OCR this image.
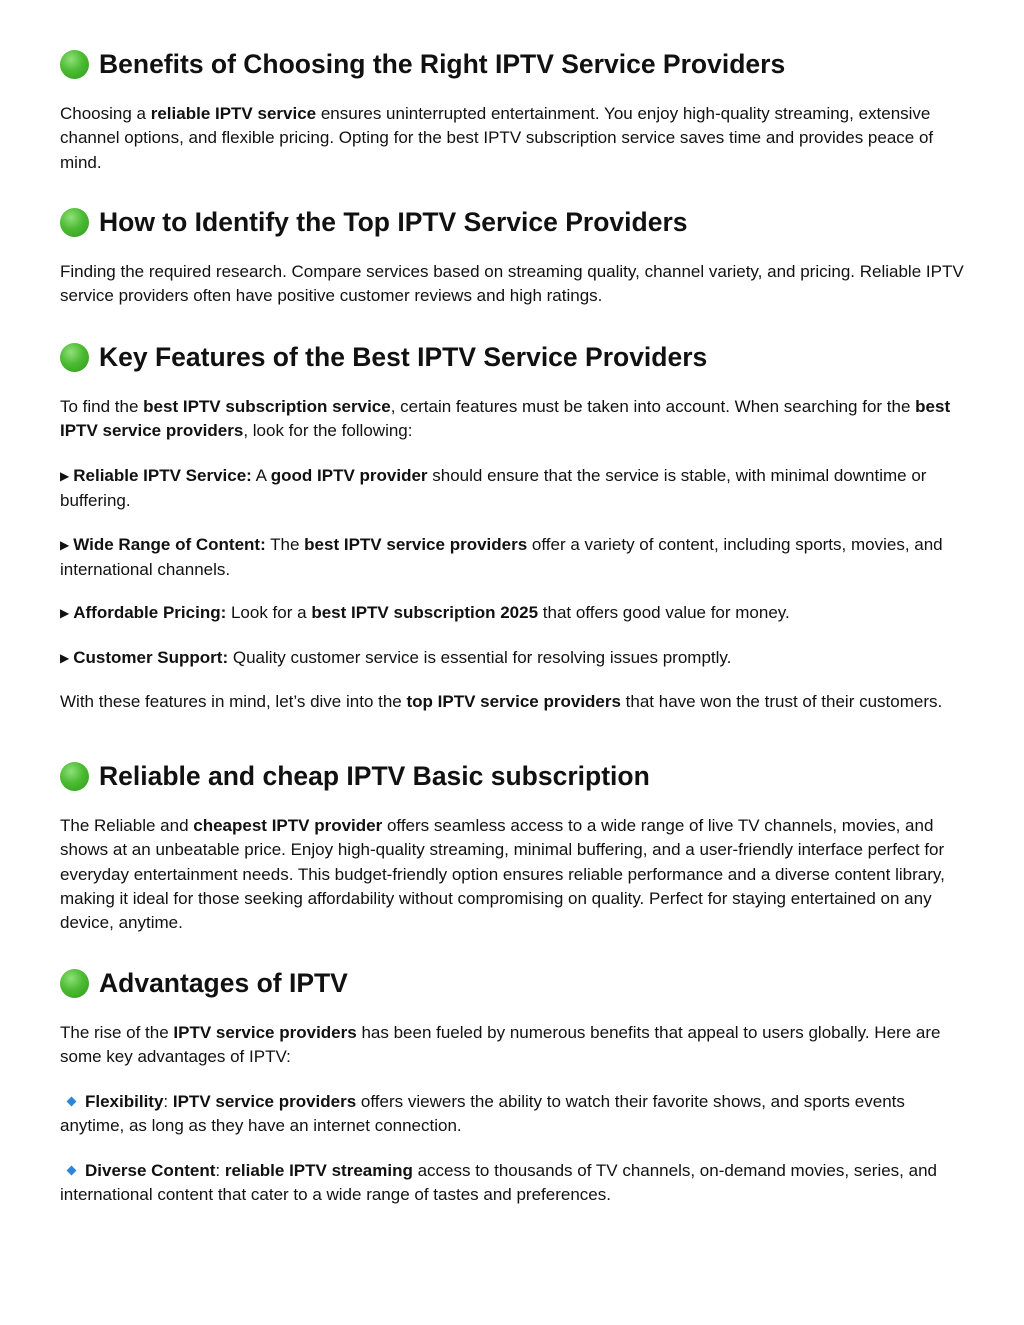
Benefits of Choosing the Right IPTV Service Providers

Choosing a reliable IPTV service ensures uninterrupted entertainment. You enjoy high-quality streaming, extensive channel options, and flexible pricing. Opting for the best IPTV subscription service saves time and provides peace of mind.

How to Identify the Top IPTV Service Providers

Finding the required research. Compare services based on streaming quality, channel variety, and pricing. Reliable IPTV service providers often have positive customer reviews and high ratings.

Key Features of the Best IPTV Service Providers

To find the best IPTV subscription service, certain features must be taken into account. When searching for the best IPTV service providers, look for the following:

▶ Reliable IPTV Service: A good IPTV provider should ensure that the service is stable, with minimal downtime or buffering.

▶ Wide Range of Content: The best IPTV service providers offer a variety of content, including sports, movies, and international channels.

▶ Affordable Pricing: Look for a best IPTV subscription 2025 that offers good value for money.

▶ Customer Support: Quality customer service is essential for resolving issues promptly.

With these features in mind, let’s dive into the top IPTV service providers that have won the trust of their customers.

Reliable and cheap IPTV Basic subscription

The Reliable and cheapest IPTV provider offers seamless access to a wide range of live TV channels, movies, and shows at an unbeatable price. Enjoy high-quality streaming, minimal buffering, and a user-friendly interface perfect for everyday entertainment needs. This budget-friendly option ensures reliable performance and a diverse content library, making it ideal for those seeking affordability without compromising on quality. Perfect for staying entertained on any device, anytime.

Advantages of IPTV

The rise of the IPTV service providers has been fueled by numerous benefits that appeal to users globally. Here are some key advantages of IPTV:

Flexibility: IPTV service providers offers viewers the ability to watch their favorite shows, and sports events anytime, as long as they have an internet connection.

Diverse Content: reliable IPTV streaming access to thousands of TV channels, on-demand movies, series, and international content that cater to a wide range of tastes and preferences.
